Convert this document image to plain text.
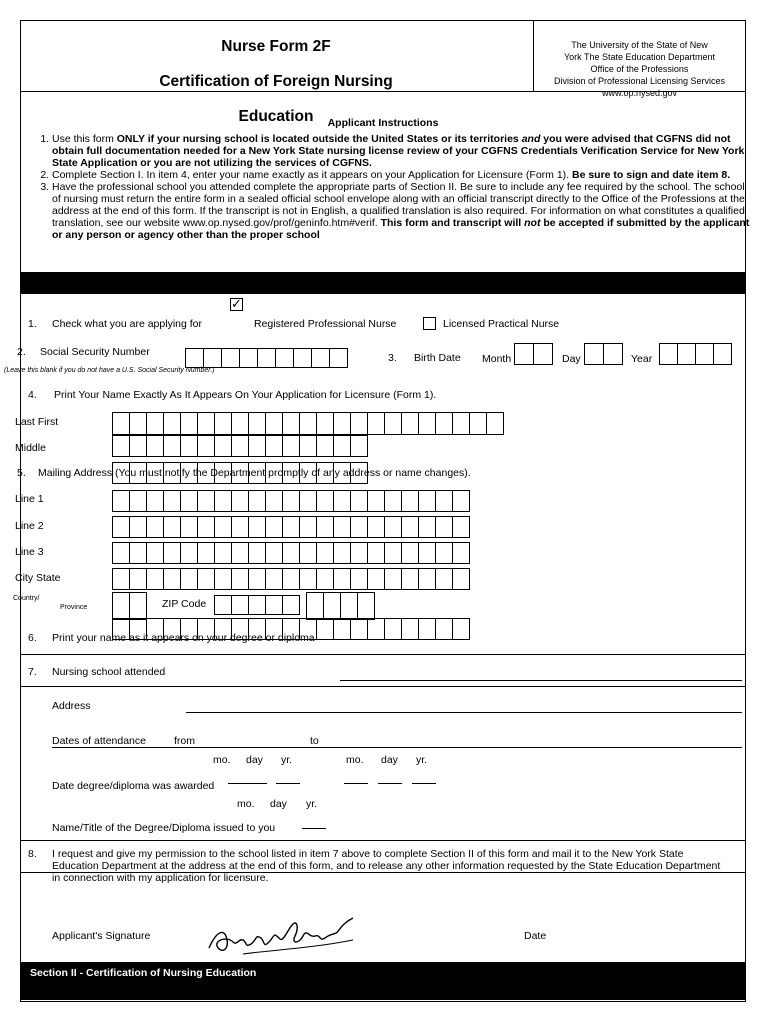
Nurse Form 2F
Certification of Foreign Nursing
Education
The University of the State of New
York The State Education Department
Office of the Professions
Division of Professional Licensing Services
www.op.nysed.gov
Applicant Instructions
1. Use this form ONLY if your nursing school is located outside the United States or its territories and you were advised that CGFNS did not obtain full documentation needed for a New York State nursing license review of your CGFNS Credentials Verification Service for New York State Application or you are not utilizing the services of CGFNS.
2. Complete Section I. In item 4, enter your name exactly as it appears on your Application for Licensure (Form 1). Be sure to sign and date item 8.
3. Have the professional school you attended complete the appropriate parts of Section II. Be sure to include any fee required by the school. The school of nursing must return the entire form in a sealed official school envelope along with an official transcript directly to the Office of the Professions at the address at the end of this form. If the transcript is not in English, a qualified translation is also required. For information on what constitutes a qualified translation, see our website www.op.nysed.gov/prof/geninfo.htm#verif. This form and transcript will not be accepted if submitted by the applicant or any person or agency other than the proper school
1. Check what you are applying for
✓	Registered Professional Nurse	Licensed Practical Nurse
2. Social Security Number
(Leave this blank if you do not have a U.S. Social Security Number.)
3. Birth Date Month	Day	Year
4. Print Your Name Exactly As It Appears On Your Application for Licensure (Form 1).
Last First
Middle
5. Mailing Address (You must notify the Department promptly of any address or name changes).
Line 1
Line 2
Line 3
City State
Country/
Province	ZIP Code
6. Print your name as it appears on your degree or diploma
7. Nursing school attended
Address
Dates of attendance	from	to
mo. day yr.	mo. day yr.
Date degree/diploma was awarded
mo. day yr.
Name/Title of the Degree/Diploma issued to you
8. I request and give my permission to the school listed in item 7 above to complete Section II of this form and mail it to the New York State Education Department at the address at the end of this form, and to release any other information requested by the State Education Department in connection with my application for licensure.
Applicant's Signature	Date
Section II - Certification of Nursing Education
